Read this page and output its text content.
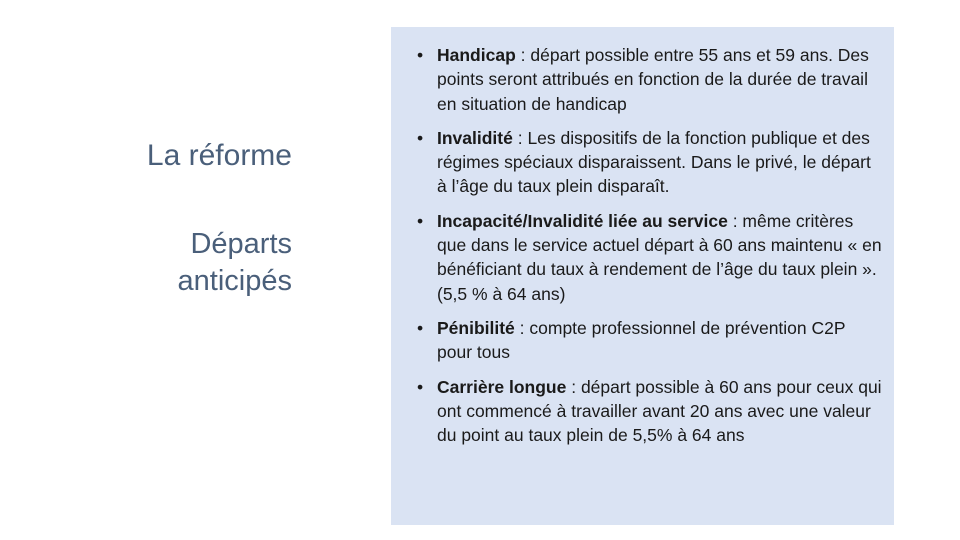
La réforme
Départs
anticipés
• Handicap : départ possible entre 55 ans et 59 ans. Des points seront attribués en fonction de la durée de travail en situation de handicap
• Invalidité : Les dispositifs de la fonction publique et des régimes spéciaux disparaissent. Dans le privé, le départ à l’âge du taux plein disparaît.
• Incapacité/Invalidité liée au service : même critères que dans le service actuel départ à 60 ans maintenu « en bénéficiant du taux à rendement de l’âge du taux plein ». (5,5 % à 64 ans)
• Pénibilité : compte professionnel de prévention C2P pour tous
• Carrière longue : départ possible à 60 ans pour ceux qui ont commencé à travailler avant 20 ans avec une valeur du point au taux plein de 5,5% à 64 ans
